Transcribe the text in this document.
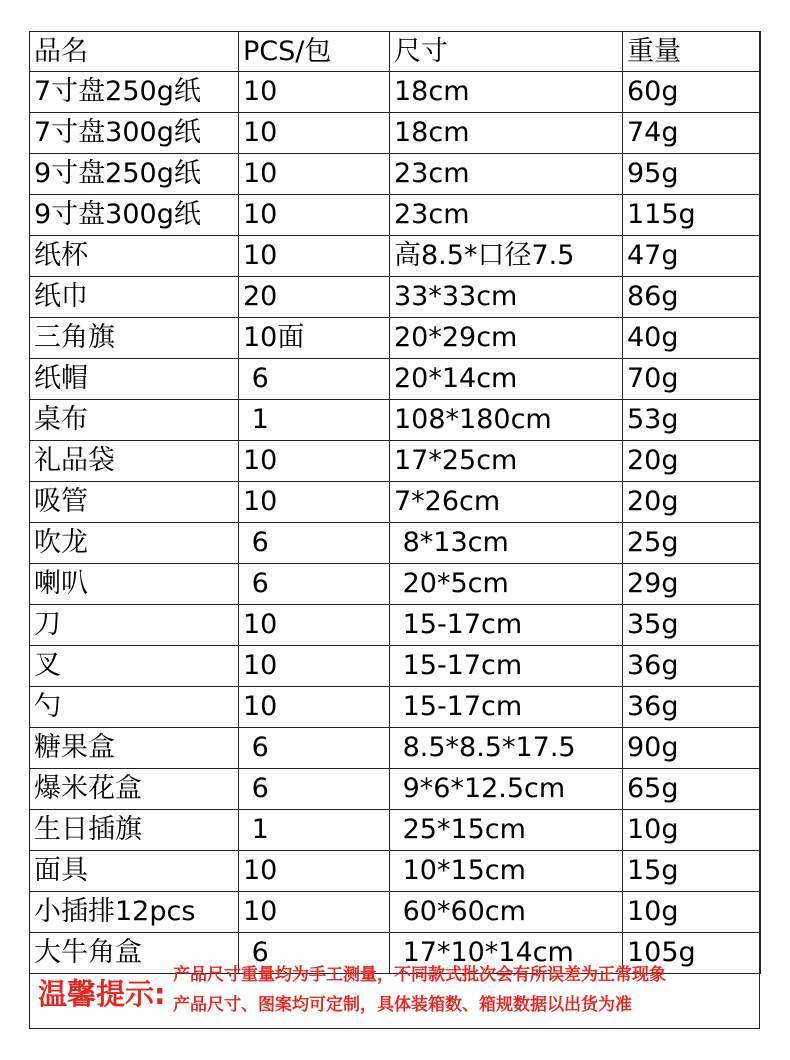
品名	PCS/包	尺寸	重量
7寸盘250g纸	10	18cm	60g
7寸盘300g纸	10	18cm	74g
9寸盘250g纸	10	23cm	95g
9寸盘300g纸	10	23cm	115g
纸杯	10	高8.5*口径7.5	47g
纸巾	20	33*33cm	86g
三角旗	10面	20*29cm	40g
纸帽	6	20*14cm	70g
桌布	1	108*180cm	53g
礼品袋	10	17*25cm	20g
吸管	10	7*26cm	20g
吹龙	6	8*13cm	25g
喇叭	6	20*5cm	29g
刀	10	15-17cm	35g
叉	10	15-17cm	36g
勺	10	15-17cm	36g
糖果盒	6	8.5*8.5*17.5	90g
爆米花盒	6	9*6*12.5cm	65g
生日插旗	1	25*15cm	10g
面具	10	10*15cm	15g
小插排12pcs	10	60*60cm	10g
大牛角盒	6	17*10*14cm	105g
温馨提示:
产品尺寸重量均为手工测量，不同款式批次会有所误差为正常现象
产品尺寸、图案均可定制，具体装箱数、箱规数据以出货为准
